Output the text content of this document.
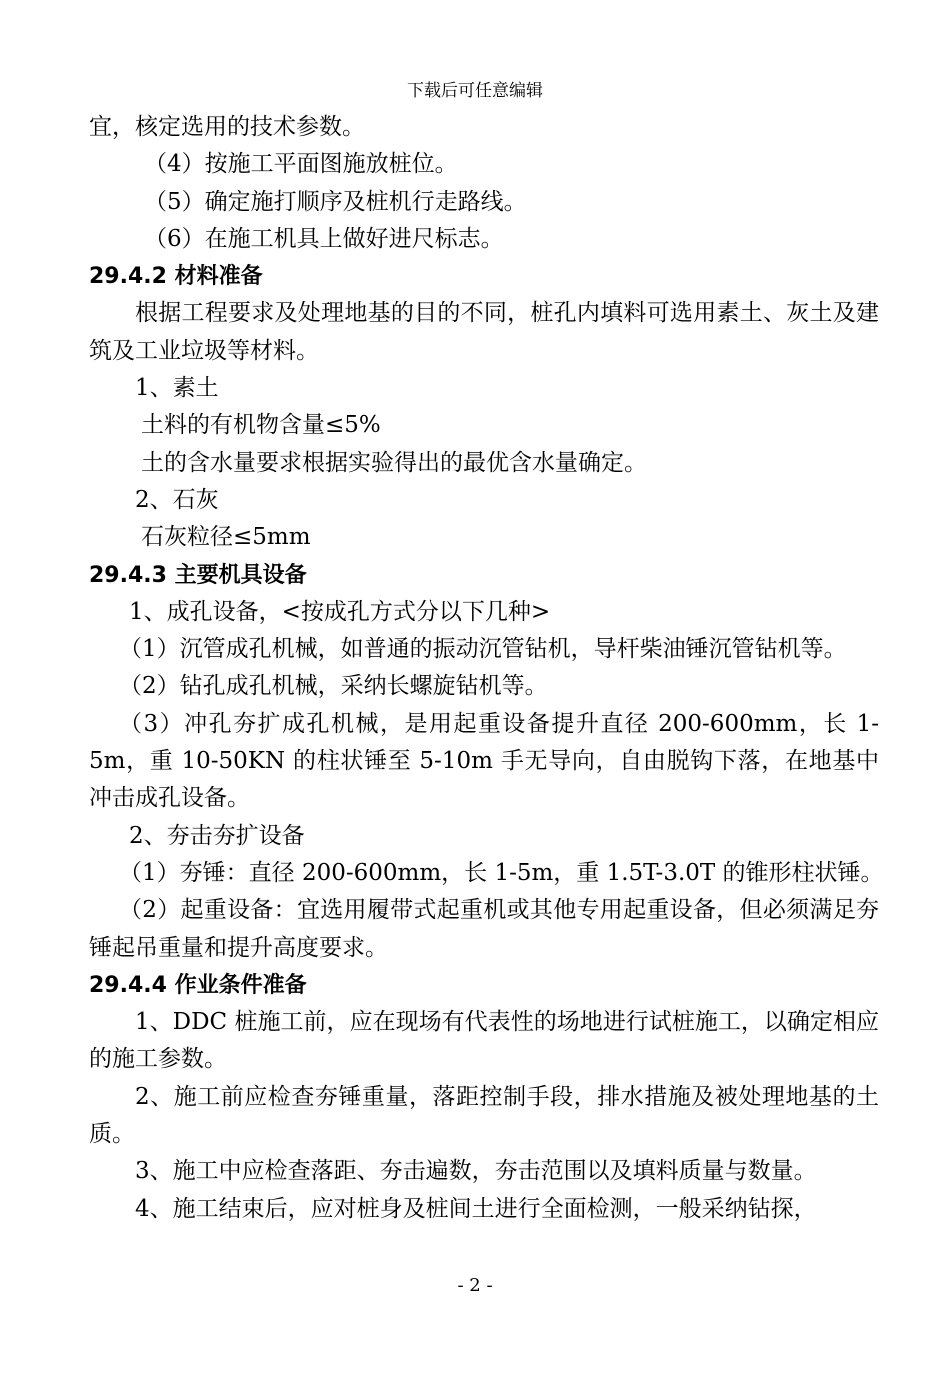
下载后可任意编辑

宜，核定选用的技术参数。

（4）按施工平面图施放桩位。

（5）确定施打顺序及桩机行走路线。

（6）在施工机具上做好进尺标志。

29.4.2 材料准备

根据工程要求及处理地基的目的不同，桩孔内填料可选用素土、灰土及建筑及工业垃圾等材料。

1、素土

土料的有机物含量≤5%

土的含水量要求根据实验得出的最优含水量确定。

2、石灰

石灰粒径≤5mm

29.4.3 主要机具设备

1、成孔设备，<按成孔方式分以下几种>

（1）沉管成孔机械，如普通的振动沉管钻机，导杆柴油锤沉管钻机等。

（2）钻孔成孔机械，采纳长螺旋钻机等。

（3）冲孔夯扩成孔机械，是用起重设备提升直径 200-600mm，长 1-5m，重 10-50KN 的柱状锤至 5-10m 手无导向，自由脱钩下落，在地基中冲击成孔设备。

2、夯击夯扩设备

（1）夯锤：直径 200-600mm，长 1-5m，重 1.5T-3.0T 的锥形柱状锤。

（2）起重设备：宜选用履带式起重机或其他专用起重设备，但必须满足夯锤起吊重量和提升高度要求。

29.4.4 作业条件准备

1、DDC 桩施工前，应在现场有代表性的场地进行试桩施工，以确定相应的施工参数。

2、施工前应检查夯锤重量，落距控制手段，排水措施及被处理地基的土质。

3、施工中应检查落距、夯击遍数，夯击范围以及填料质量与数量。

4、施工结束后，应对桩身及桩间土进行全面检测，一般采纳钻探，

- 2 -
